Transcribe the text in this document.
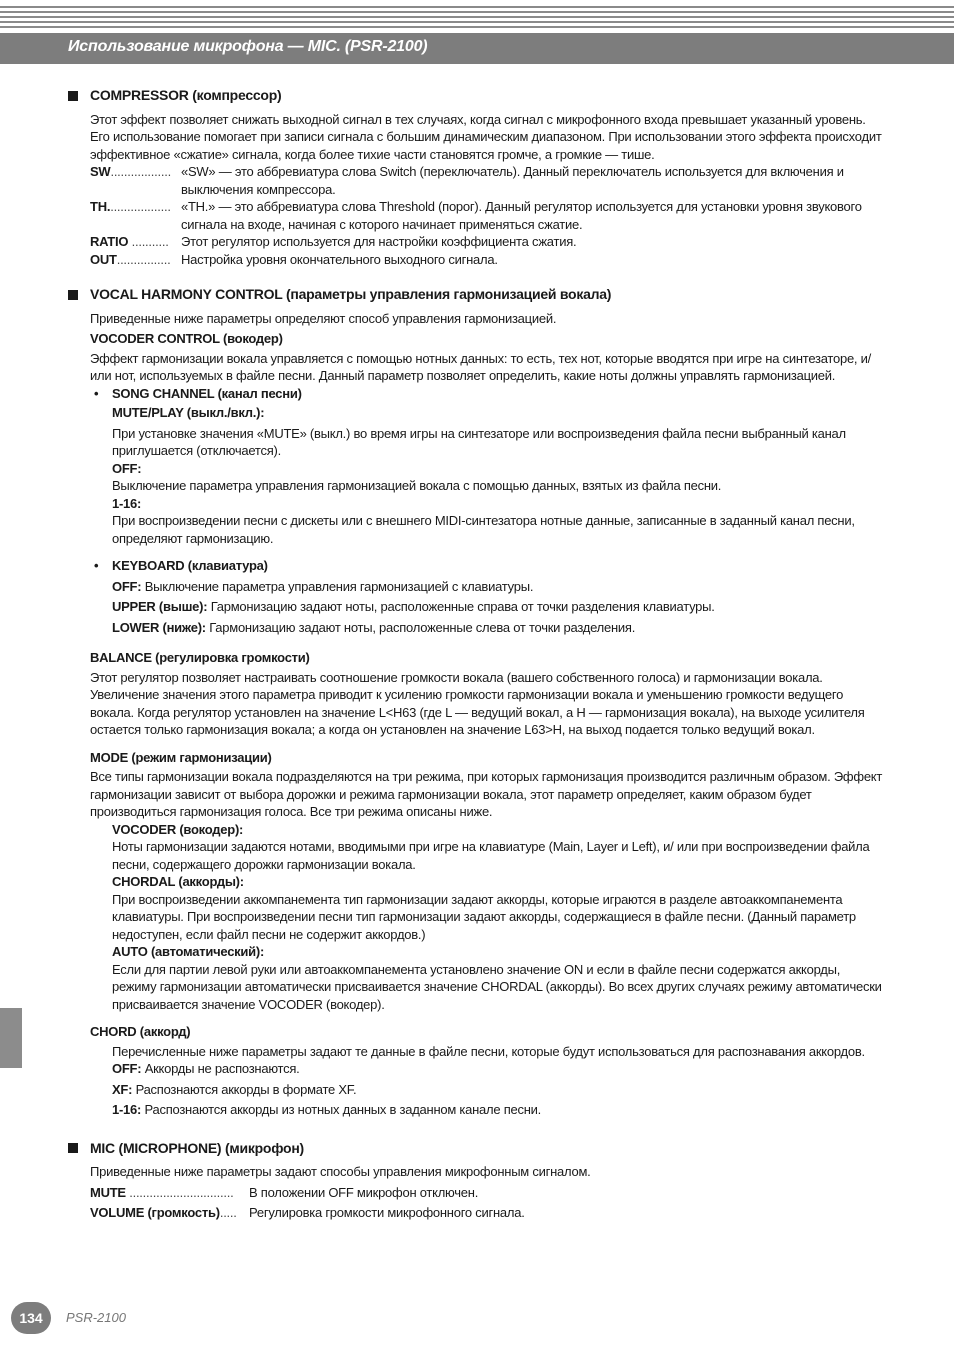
Использование микрофона — MIC. (PSR-2100)
COMPRESSOR (компрессор)
Этот эффект позволяет снижать выходной сигнал в тех случаях, когда сигнал с микрофонного входа превышает указанный уровень. Его использование помогает при записи сигнала с большим динамическим диапазоном. При использовании этого эффекта происходит эффективное «сжатие» сигнала, когда более тихие части становятся громче, а громкие — тише.
SW.................. «SW» — это аббревиатура слова Switch (переключатель). Данный переключатель используется для включения и выключения компрессора.
TH................... «TH.» — это аббревиатура слова Threshold (порог). Данный регулятор используется для установки уровня звукового сигнала на входе, начиная с которого начинает применяться сжатие.
RATIO ........... Этот регулятор используется для настройки коэффициента сжатия.
OUT................ Настройка уровня окончательного выходного сигнала.
VOCAL HARMONY CONTROL (параметры управления гармонизацией вокала)
Приведенные ниже параметры определяют способ управления гармонизацией.
VOCODER CONTROL (вокодер)
Эффект гармонизации вокала управляется с помощью нотных данных: то есть, тех нот, которые вводятся при игре на синтезаторе, и/или нот, используемых в файле песни. Данный параметр позволяет определить, какие ноты должны управлять гармонизацией.
•	SONG CHANNEL (канал песни)
MUTE/PLAY (выкл./вкл.):
При установке значения «MUTE» (выкл.) во время игры на синтезаторе или воспроизведения файла песни выбранный канал приглушается (отключается).
OFF:
Выключение параметра управления гармонизацией вокала с помощью данных, взятых из файла песни.
1-16:
При воспроизведении песни с дискеты или с внешнего MIDI-синтезатора нотные данные, записанные в заданный канал песни, определяют гармонизацию.
•	KEYBOARD (клавиатура)
OFF: Выключение параметра управления гармонизацией с клавиатуры.
UPPER (выше): Гармонизацию задают ноты, расположенные справа от точки разделения клавиатуры.
LOWER (ниже): Гармонизацию задают ноты, расположенные слева от точки разделения.
BALANCE (регулировка громкости)
Этот регулятор позволяет настраивать соотношение громкости вокала (вашего собственного голоса) и гармонизации вокала. Увеличение значения этого параметра приводит к усилению громкости гармонизации вокала и уменьшению громкости ведущего вокала. Когда регулятор установлен на значение L<H63 (где L — ведущий вокал, а H — гармонизация вокала), на выходе усилителя остается только гармонизация вокала; а когда он установлен на значение L63>H, на выход подается только ведущий вокал.
MODE (режим гармонизации)
Все типы гармонизации вокала подразделяются на три режима, при которых гармонизация производится различным образом. Эффект гармонизации зависит от выбора дорожки и режима гармонизации вокала, этот параметр определяет, каким образом будет производиться гармонизация голоса. Все три режима описаны ниже.
VOCODER (вокодер):
Ноты гармонизации задаются нотами, вводимыми при игре на клавиатуре (Main, Layer и Left), и/ или при воспроизведении файла песни, содержащего дорожки гармонизации вокала.
CHORDAL (аккорды):
При воспроизведении аккомпанемента тип гармонизации задают аккорды, которые играются в разделе автоаккомпанемента клавиатуры. При воспроизведении песни тип гармонизации задают аккорды, содержащиеся в файле песни. (Данный параметр недоступен, если файл песни не содержит аккордов.)
AUTO (автоматический):
Если для партии левой руки или автоаккомпанемента установлено значение ON и если в файле песни содержатся аккорды, режиму гармонизации автоматически присваивается значение CHORDAL (аккорды). Во всех других случаях режиму автоматически присваивается значение VOCODER (вокодер).
CHORD (аккорд)
Перечисленные ниже параметры задают те данные в файле песни, которые будут использоваться для распознавания аккордов.
OFF: Аккорды не распознаются.
XF: Распознаются аккорды в формате XF.
1-16: Распознаются аккорды из нотных данных в заданном канале песни.
MIC (MICROPHONE) (микрофон)
Приведенные ниже параметры задают способы управления микрофонным сигналом.
MUTE ...............................	В положении OFF микрофон отключен.
VOLUME (громкость)..... Регулировка громкости микрофонного сигнала.
134	PSR-2100
